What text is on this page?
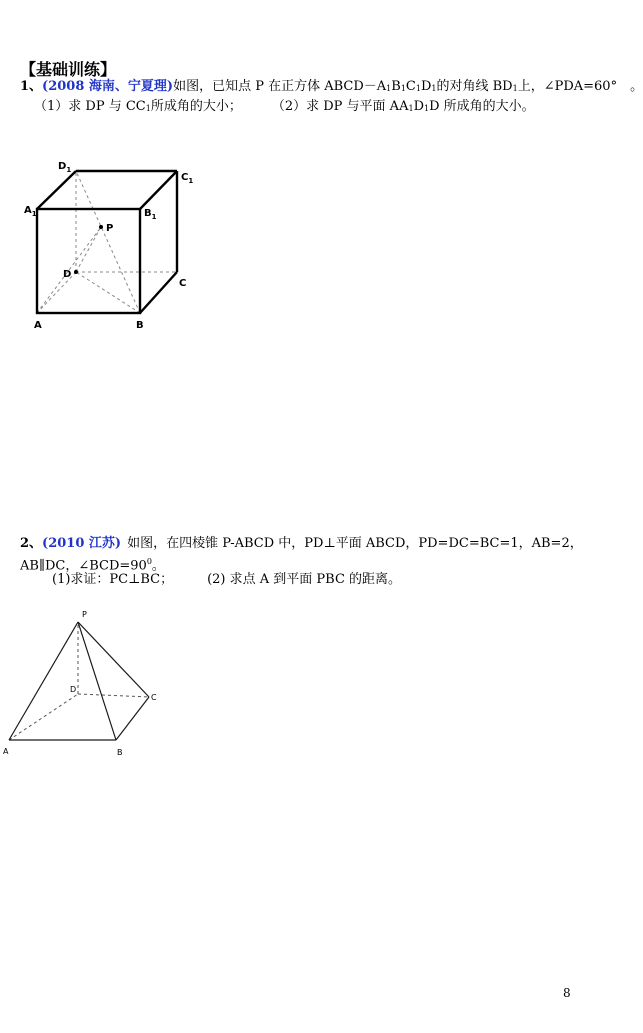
【基础训练】
1、(2008 海南、宁夏理)如图，已知点 P 在正方体 $ABCD-A_1B_1C_1D_1$的对角线 $BD_1$上，∠PDA=60°　。
（1）求 DP 与 $CC_1$所成角的大小； （2）求 DP 与平面 $AA_1D_1D$ 所成角的大小。
A	B
C
D
$A_1$	$B_1$
$C_1$
$D_1$
P
P
A	B
C
D
2、(2010 江苏) 如图，在四棱锥 P-ABCD 中，PD⊥平面 ABCD，PD=DC=BC=1，AB=2，
AB∥DC，$\angle BCD=90^0$。
(1)求证：PC⊥BC；	(2) 求点 A 到平面 PBC 的距离。
8
